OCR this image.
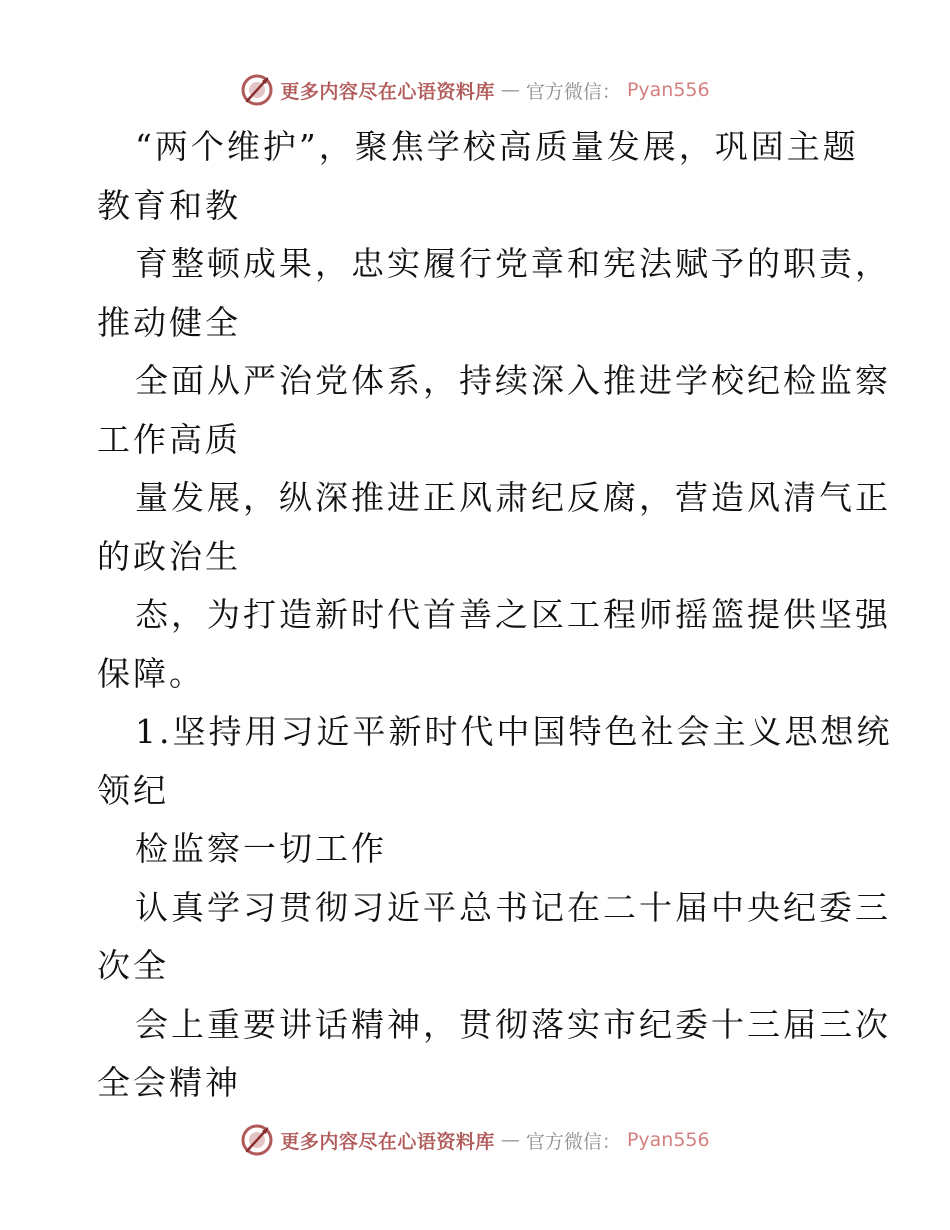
更多内容尽在心语资料库 — 官方微信： Pyan556
“两个维护”，聚焦学校高质量发展，巩固主题
教育和教
育整顿成果，忠实履行党章和宪法赋予的职责，
推动健全
全面从严治党体系，持续深入推进学校纪检监察
工作高质
量发展，纵深推进正风肃纪反腐，营造风清气正
的政治生
态，为打造新时代首善之区工程师摇篮提供坚强
保障。
1.坚持用习近平新时代中国特色社会主义思想统
领纪
检监察一切工作
认真学习贯彻习近平总书记在二十届中央纪委三
次全
会上重要讲话精神，贯彻落实市纪委十三届三次
全会精神
更多内容尽在心语资料库 — 官方微信： Pyan556
